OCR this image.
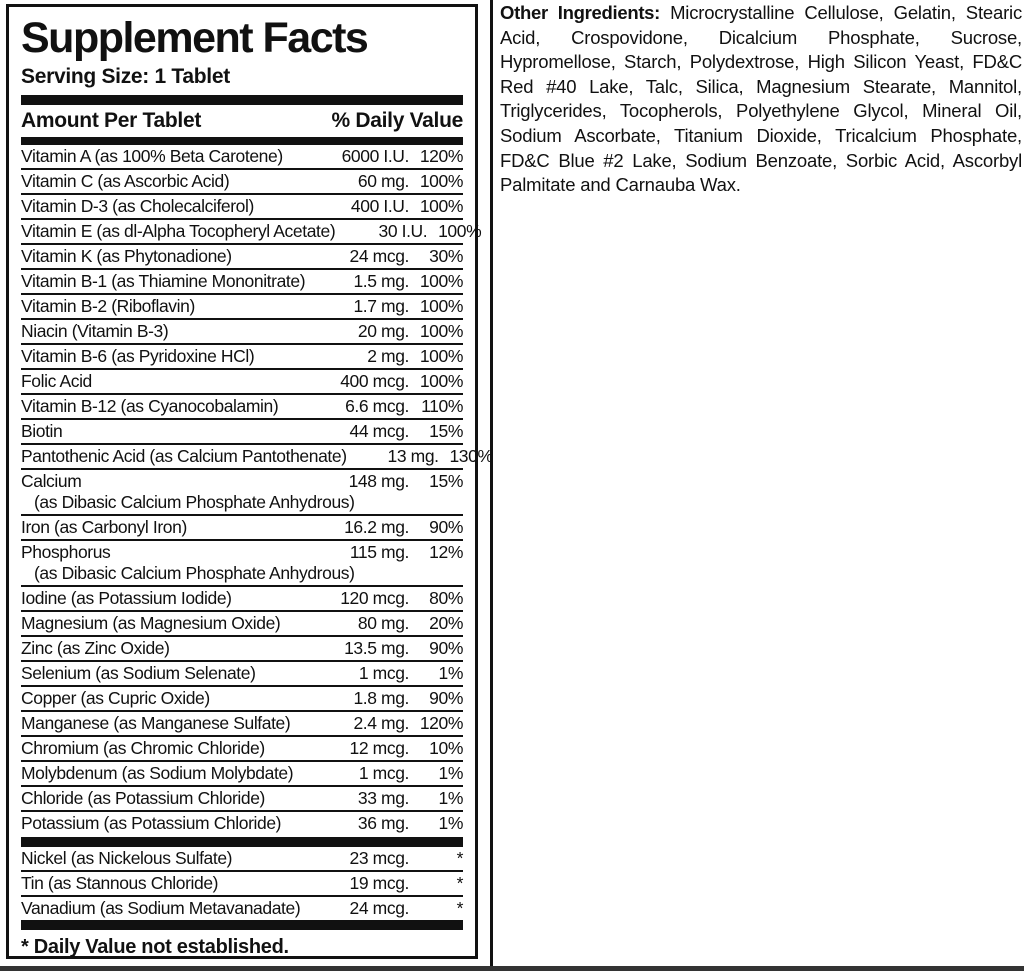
Supplement Facts
Serving Size: 1 Tablet
Amount Per Tablet	% Daily Value
Vitamin A (as 100% Beta Carotene)	6000 I.U. 120%
Vitamin C (as Ascorbic Acid)	60 mg. 100%
Vitamin D-3 (as Cholecalciferol)	400 I.U. 100%
Vitamin E (as dl-Alpha Tocopheryl Acetate)	30 I.U. 100%
Vitamin K (as Phytonadione)	24 mcg.	30%
Vitamin B-1 (as Thiamine Mononitrate)	1.5 mg. 100%
Vitamin B-2 (Riboflavin)	1.7 mg. 100%
Niacin (Vitamin B-3)	20 mg. 100%
Vitamin B-6 (as Pyridoxine HCl)	2 mg. 100%
Folic Acid	400 mcg. 100%
Vitamin B-12 (as Cyanocobalamin)	6.6 mcg. 110%
Biotin	44 mcg.	15%
Pantothenic Acid (as Calcium Pantothenate)	13 mg. 130%
Calcium	148 mg.	15%
(as Dibasic Calcium Phosphate Anhydrous)
Iron (as Carbonyl Iron)	16.2 mg.	90%
Phosphorus	115 mg.	12%
(as Dibasic Calcium Phosphate Anhydrous)
Iodine (as Potassium Iodide)	120 mcg.	80%
Magnesium (as Magnesium Oxide)	80 mg.	20%
Zinc (as Zinc Oxide)	13.5 mg.	90%
Selenium (as Sodium Selenate)	1 mcg.	1%
Copper (as Cupric Oxide)	1.8 mg.	90%
Manganese (as Manganese Sulfate)	2.4 mg. 120%
Chromium (as Chromic Chloride)	12 mcg.	10%
Molybdenum (as Sodium Molybdate)	1 mcg.	1%
Chloride (as Potassium Chloride)	33 mg.	1%
Potassium (as Potassium Chloride)	36 mg.	1%
Nickel (as Nickelous Sulfate)	23 mcg.	*
Tin (as Stannous Chloride)	19 mcg.	*
Vanadium (as Sodium Metavanadate)	24 mcg.	*
* Daily Value not established.

Other Ingredients: Microcrystalline Cellulose, Gelatin, Stearic Acid, Crospovidone, Dicalcium Phosphate, Sucrose, Hypromellose, Starch, Polydextrose, High Silicon Yeast, FD&C Red #40 Lake, Talc, Silica, Magnesium Stearate, Mannitol, Triglycerides, Tocopherols, Polyethylene Glycol, Mineral Oil, Sodium Ascorbate, Titanium Dioxide, Tricalcium Phosphate, FD&C Blue #2 Lake, Sodium Benzoate, Sorbic Acid, Ascorbyl Palmitate and Carnauba Wax.
